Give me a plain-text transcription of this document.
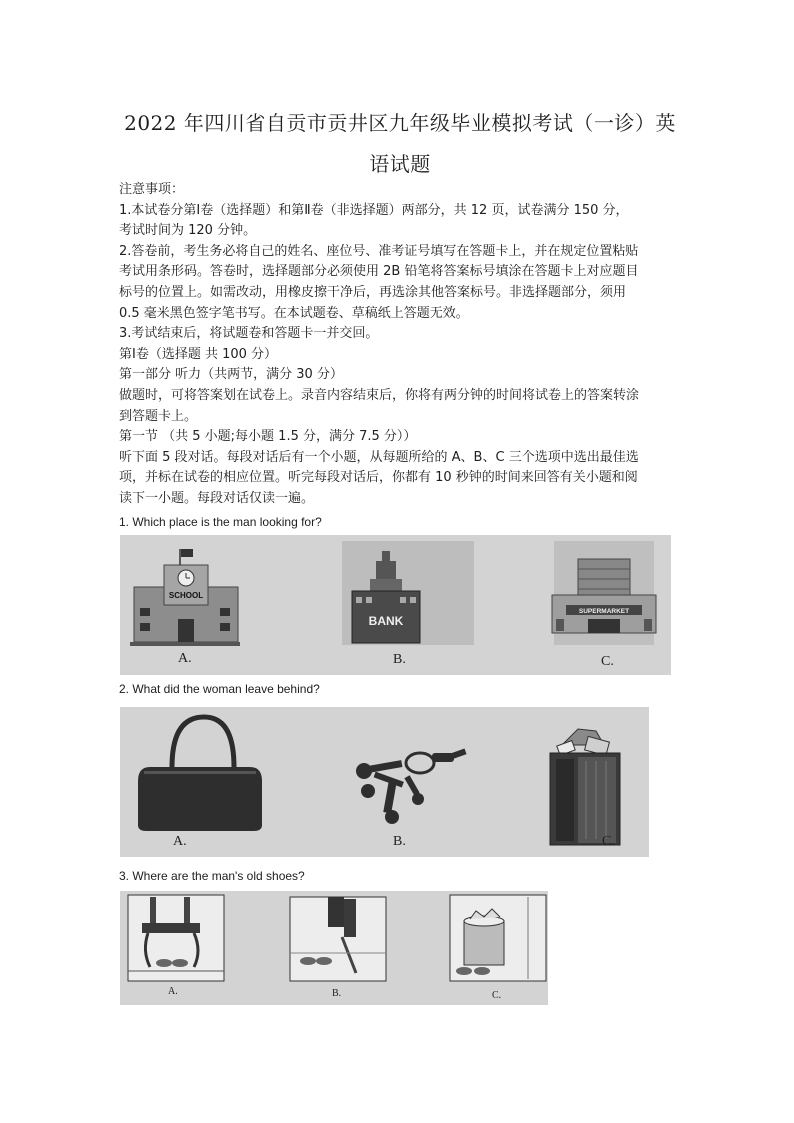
2022 年四川省自贡市贡井区九年级毕业模拟考试（一诊）英
语试题

注意事项：

1.本试卷分第Ⅰ卷（选择题）和第Ⅱ卷（非选择题）两部分，共 12 页，试卷满分 150 分，

考试时间为 120 分钟。

2.答卷前，考生务必将自己的姓名、座位号、准考证号填写在答题卡上，并在规定位置粘贴

考试用条形码。答卷时，选择题部分必须使用 2B 铅笔将答案标号填涂在答题卡上对应题目

标号的位置上。如需改动，用橡皮擦干净后，再选涂其他答案标号。非选择题部分，须用

0.5 毫米黑色签字笔书写。在本试题卷、草稿纸上答题无效。

3.考试结束后，将试题卷和答题卡一并交回。

第Ⅰ卷（选择题 共 100 分）

第一部分 听力（共两节，满分 30 分）

做题时，可将答案划在试卷上。录音内容结束后，你将有两分钟的时间将试卷上的答案转涂

到答题卡上。

第一节 （共 5 小题;每小题 1.5 分，满分 7.5 分））

听下面 5 段对话。每段对话后有一个小题，从每题所给的 A、B、C 三个选项中选出最佳选

项，并标在试卷的相应位置。听完每段对话后，你都有 10 秒钟的时间来回答有关小题和阅

读下一小题。每段对话仅读一遍。

1. Which place is the man looking for?
SCHOOL
BANK
SUPERMARKET
A.	B.	C.
2. What did the woman leave behind?
A.	B.	C.
3. Where are the man's old shoes?
A.	B.	C.
